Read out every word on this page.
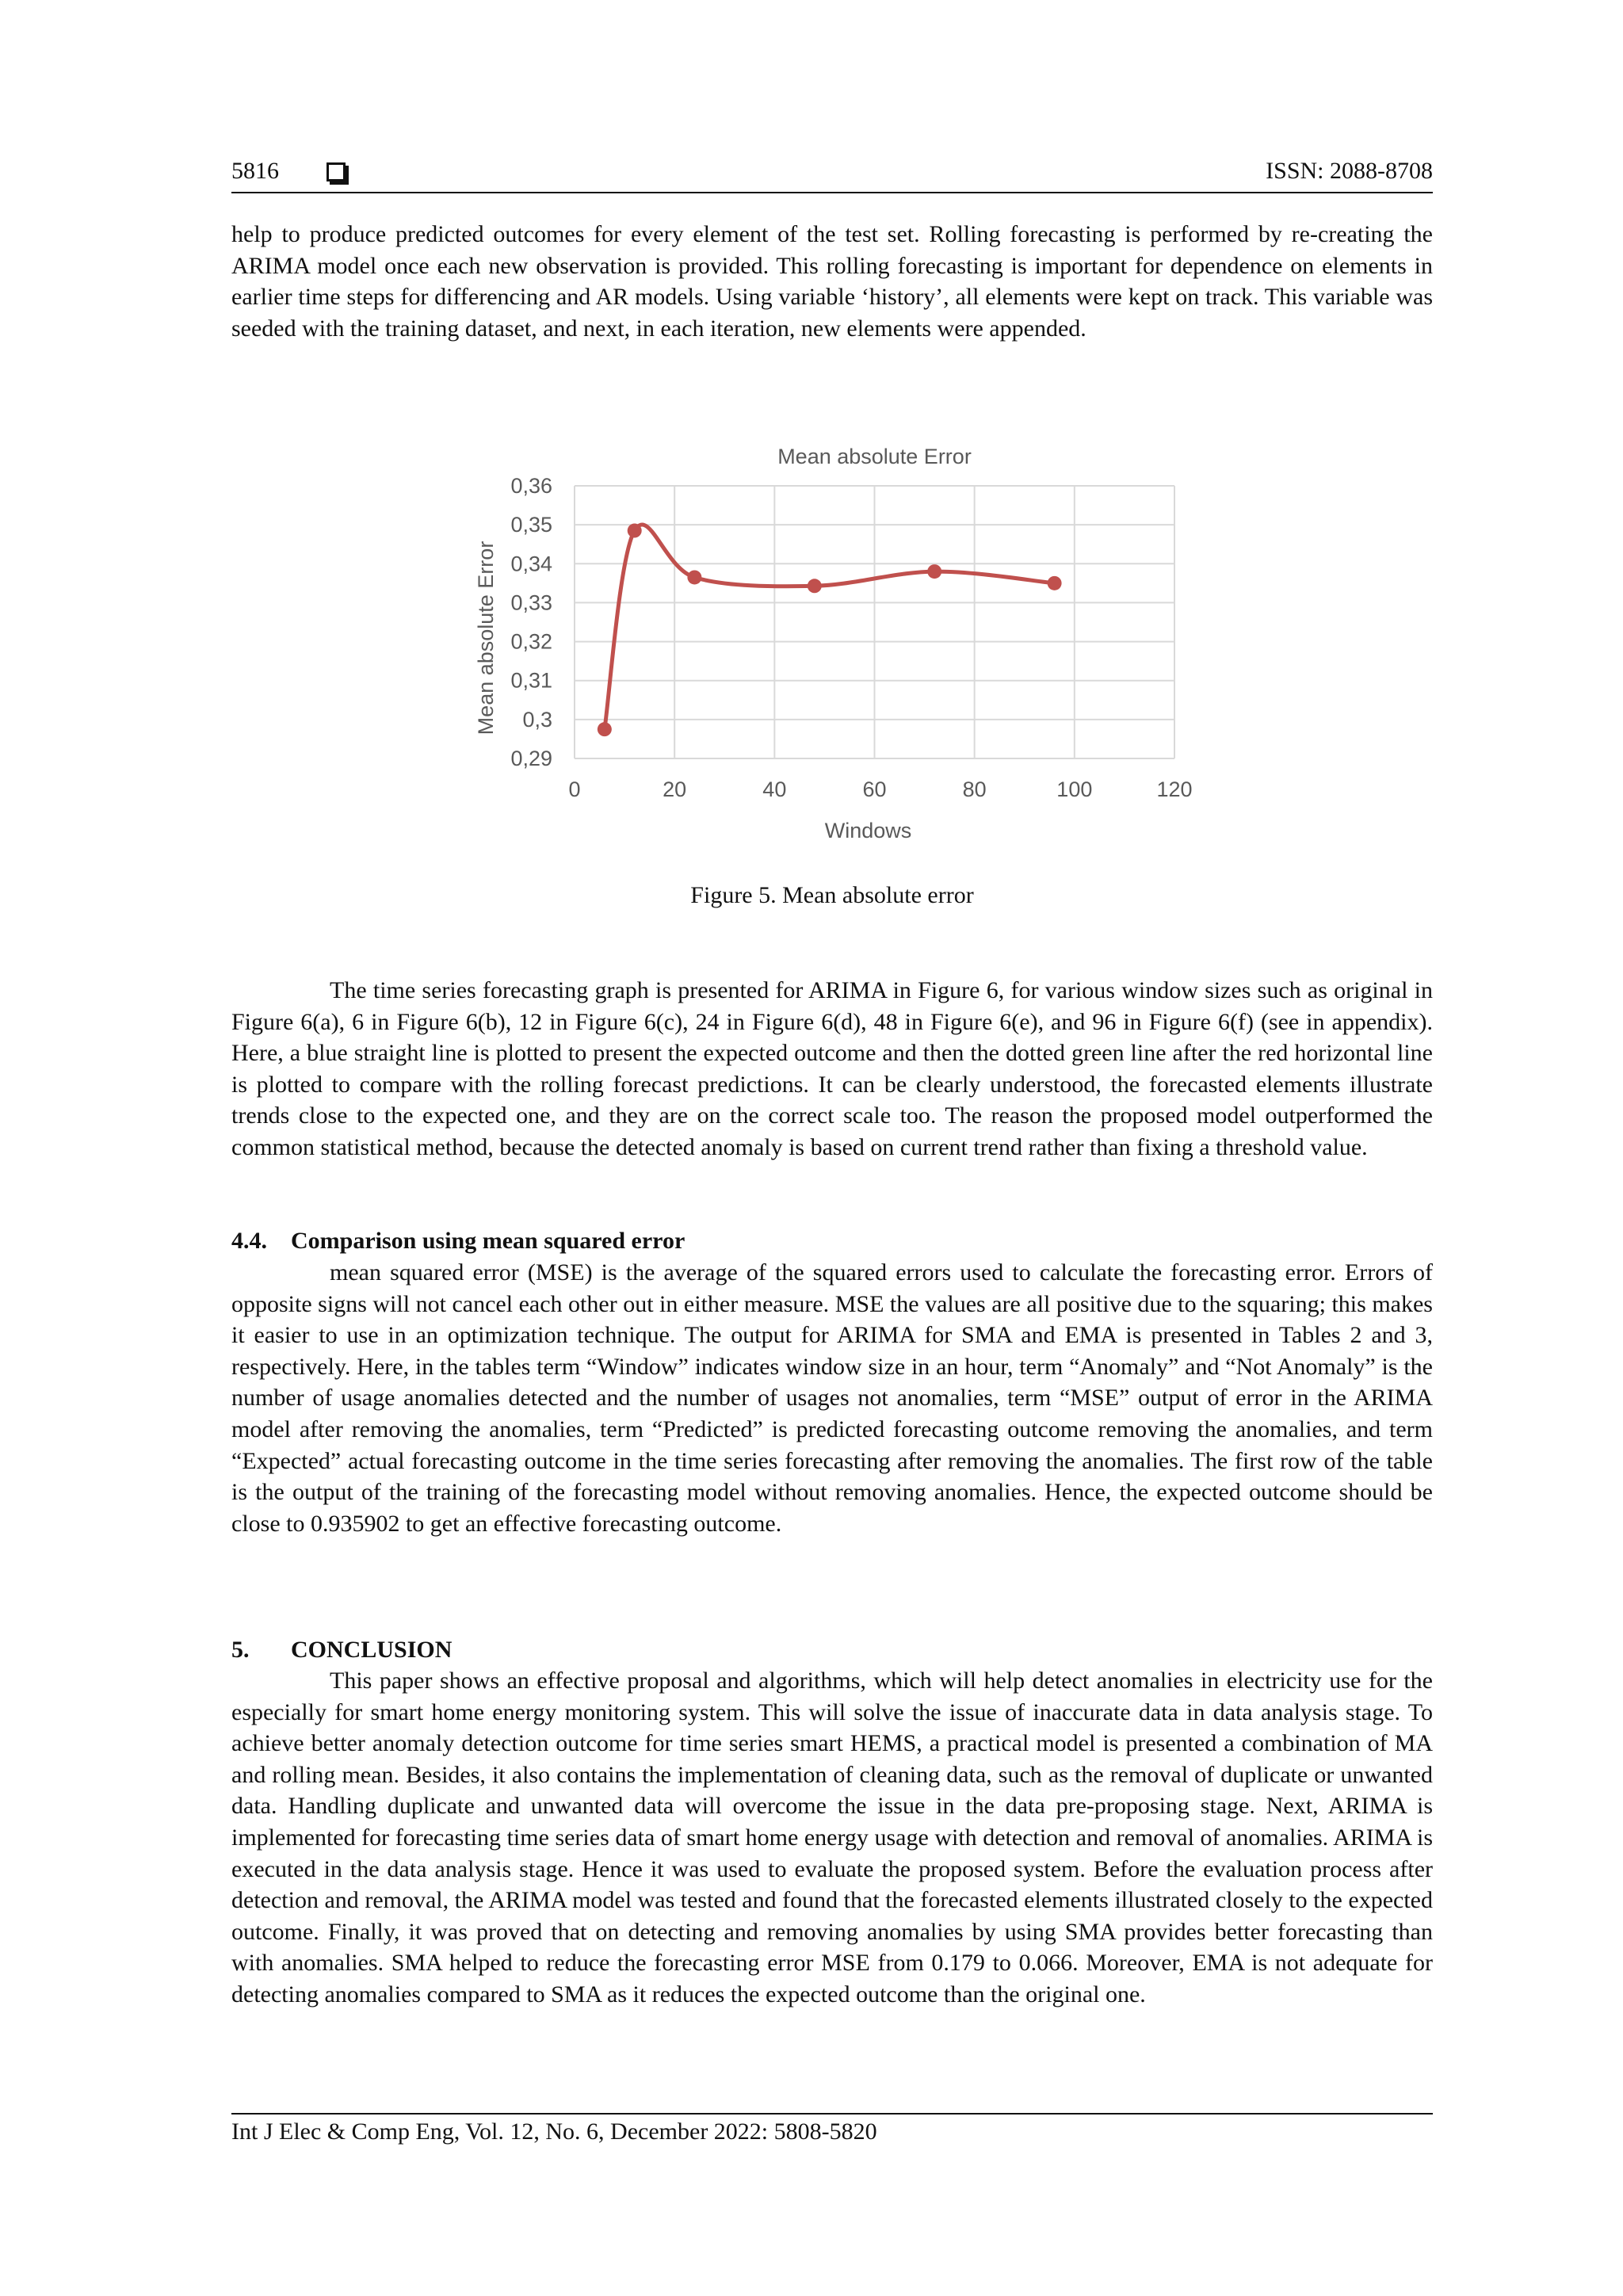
5816	ISSN: 2088-8708

help to produce predicted outcomes for every element of the test set. Rolling forecasting is performed by re-creating the ARIMA model once each new observation is provided. This rolling forecasting is important for dependence on elements in earlier time steps for differencing and AR models. Using variable ‘history’, all elements were kept on track. This variable was seeded with the training dataset, and next, in each iteration, new elements were appended.

0,29
0,3
0,31
0,32
0,33
0,34
0,35
0,36
0	20	40	60	80	100	120
Mean absolute Error
Windows
Mean absolute Error
Figure 5. Mean absolute error

The time series forecasting graph is presented for ARIMA in Figure 6, for various window sizes such as original in Figure 6(a), 6 in Figure 6(b), 12 in Figure 6(c), 24 in Figure 6(d), 48 in Figure 6(e), and 96 in Figure 6(f) (see in appendix). Here, a blue straight line is plotted to present the expected outcome and then the dotted green line after the red horizontal line is plotted to compare with the rolling forecast predictions. It can be clearly understood, the forecasted elements illustrate trends close to the expected one, and they are on the correct scale too. The reason the proposed model outperformed the common statistical method, because the detected anomaly is based on current trend rather than fixing a threshold value.

4.4. Comparison using mean squared error

mean squared error (MSE) is the average of the squared errors used to calculate the forecasting error. Errors of opposite signs will not cancel each other out in either measure. MSE the values are all positive due to the squaring; this makes it easier to use in an optimization technique. The output for ARIMA for SMA and EMA is presented in Tables 2 and 3, respectively. Here, in the tables term “Window” indicates window size in an hour, term “Anomaly” and “Not Anomaly” is the number of usage anomalies detected and the number of usages not anomalies, term “MSE” output of error in the ARIMA model after removing the anomalies, term “Predicted” is predicted forecasting outcome removing the anomalies, and term “Expected” actual forecasting outcome in the time series forecasting after removing the anomalies. The first row of the table is the output of the training of the forecasting model without removing anomalies. Hence, the expected outcome should be close to 0.935902 to get an effective forecasting outcome.

5. CONCLUSION

This paper shows an effective proposal and algorithms, which will help detect anomalies in electricity use for the especially for smart home energy monitoring system. This will solve the issue of inaccurate data in data analysis stage. To achieve better anomaly detection outcome for time series smart HEMS, a practical model is presented a combination of MA and rolling mean. Besides, it also contains the implementation of cleaning data, such as the removal of duplicate or unwanted data. Handling duplicate and unwanted data will overcome the issue in the data pre-proposing stage. Next, ARIMA is implemented for forecasting time series data of smart home energy usage with detection and removal of anomalies. ARIMA is executed in the data analysis stage. Hence it was used to evaluate the proposed system. Before the evaluation process after detection and removal, the ARIMA model was tested and found that the forecasted elements illustrated closely to the expected outcome. Finally, it was proved that on detecting and removing anomalies by using SMA provides better forecasting than with anomalies. SMA helped to reduce the forecasting error MSE from 0.179 to 0.066. Moreover, EMA is not adequate for detecting anomalies compared to SMA as it reduces the expected outcome than the original one.

Int J Elec & Comp Eng, Vol. 12, No. 6, December 2022: 5808-5820
